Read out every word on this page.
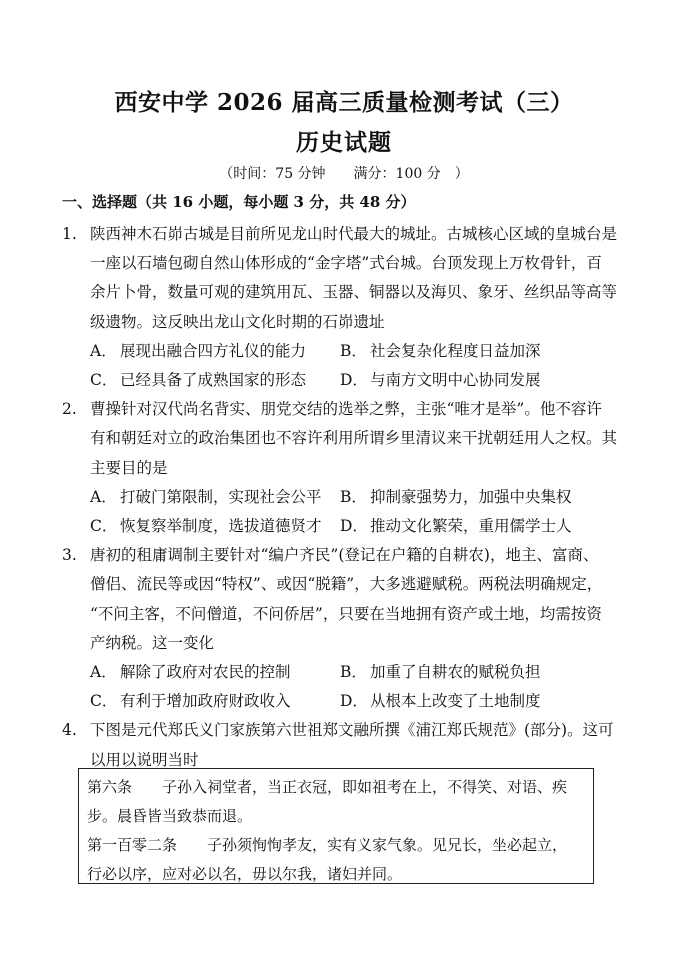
西安中学 2026 届高三质量检测考试（三）
历史试题
（时间：75 分钟　　满分：100 分　）
一、选择题（共 16 小题，每小题 3 分，共 48 分）
1. 陕西神木石峁古城是目前所见龙山时代最大的城址。古城核心区域的皇城台是
一座以石墙包砌自然山体形成的“金字塔”式台城。台顶发现上万枚骨针，百
余片卜骨，数量可观的建筑用瓦、玉器、铜器以及海贝、象牙、丝织品等高等
级遗物。这反映出龙山文化时期的石峁遗址
A． 展现出融合四方礼仪的能力	B． 社会复杂化程度日益加深
C． 已经具备了成熟国家的形态	D． 与南方文明中心协同发展
2. 曹操针对汉代尚名背实、朋党交结的选举之弊，主张“唯才是举”。他不容许
有和朝廷对立的政治集团也不容许利用所谓乡里清议来干扰朝廷用人之权。其
主要目的是
A． 打破门第限制，实现社会公平	B． 抑制豪强势力，加强中央集权
C． 恢复察举制度，选拔道德贤才	D． 推动文化繁荣，重用儒学士人
3. 唐初的租庸调制主要针对“编户齐民”(登记在户籍的自耕农)，地主、富商、
僧侣、流民等或因“特权”、或因“脱籍”，大多逃避赋税。两税法明确规定，
“不问主客，不问僧道，不问侨居”，只要在当地拥有资产或土地，均需按资
产纳税。这一变化
A． 解除了政府对农民的控制	B． 加重了自耕农的赋税负担
C． 有利于增加政府财政收入	D． 从根本上改变了土地制度
4. 下图是元代郑氏义门家族第六世祖郑文融所撰《浦江郑氏规范》(部分)。这可
以用以说明当时
第六条　　子孙入祠堂者，当正衣冠，即如祖考在上，不得笑、对语、疾
步。晨昏皆当致恭而退。
第一百零二条　　子孙须恂恂孝友，实有义家气象。见兄长，坐必起立，
行必以序，应对必以名，毋以尔我，诸妇并同。
